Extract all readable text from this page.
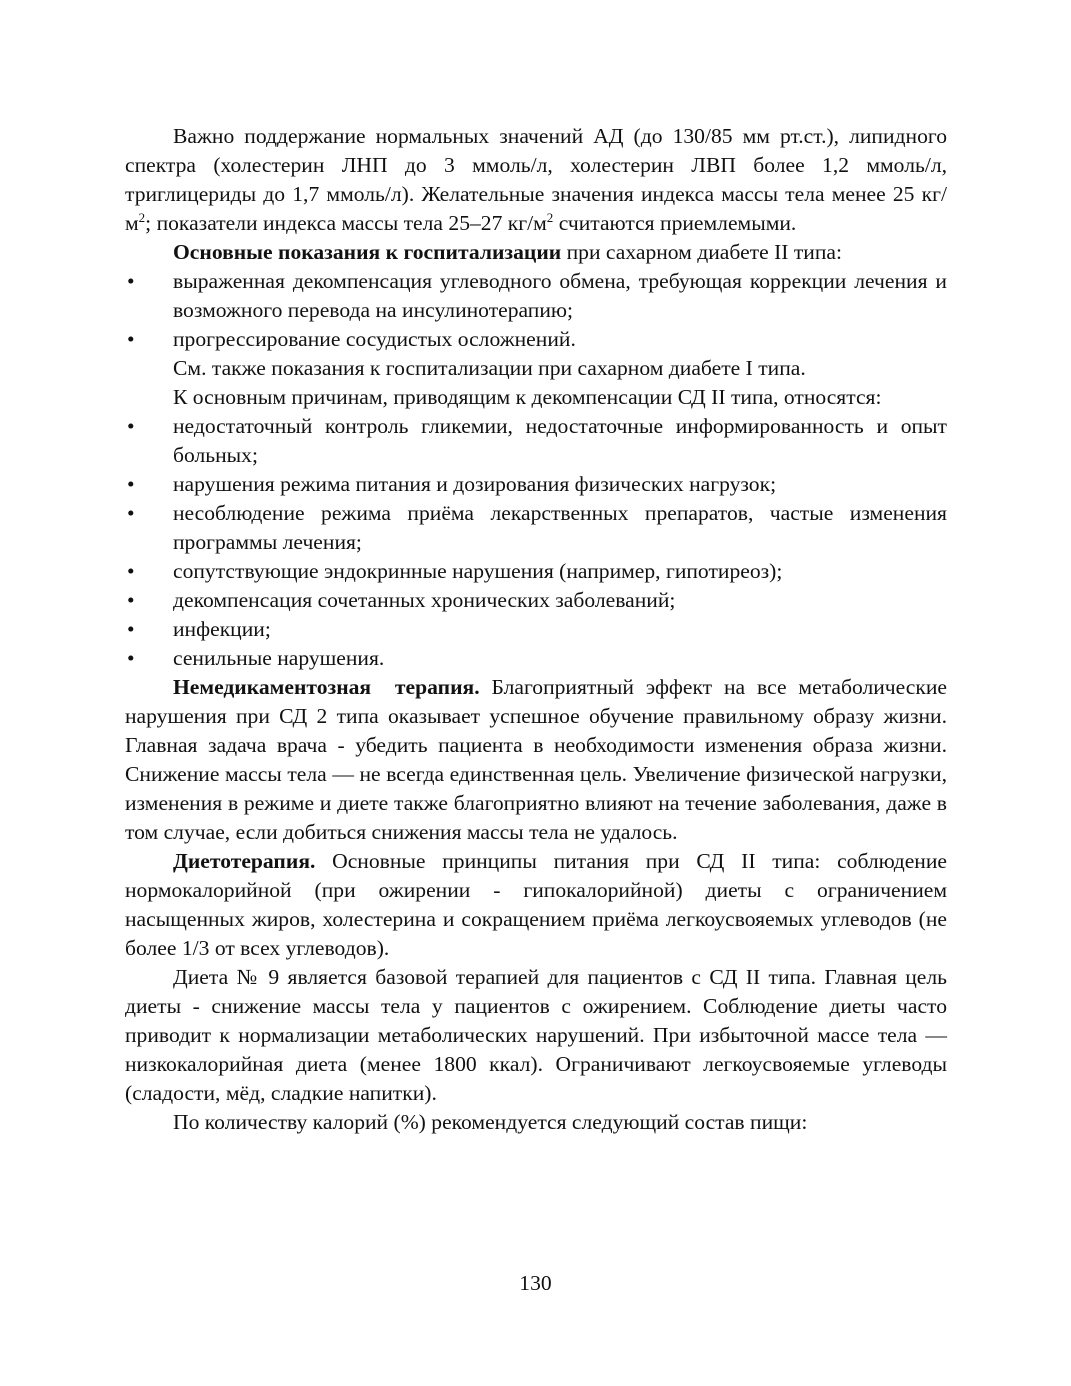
Важно поддержание нормальных значений АД (до 130/85 мм рт.ст.), липидного спектра (холестерин ЛНП до 3 ммоль/л, холестерин ЛВП более 1,2 ммоль/л, триглицериды до 1,7 ммоль/л). Желательные значения индекса массы тела менее 25 $кг/м^2$; показатели индекса массы тела 25–27 $кг/м^2$ считаются приемлемыми.

Основные показания к госпитализации при сахарном диабете II типа:

• выраженная декомпенсация углеводного обмена, требующая коррекции лечения и возможного перевода на инсулинотерапию;
• прогрессирование сосудистых осложнений.

См. также показания к госпитализации при сахарном диабете I типа.

К основным причинам, приводящим к декомпенсации СД II типа, относятся:

• недостаточный контроль гликемии, недостаточные информированность и опыт больных;
• нарушения режима питания и дозирования физических нагрузок;
• несоблюдение режима приёма лекарственных препаратов, частые изменения программы лечения;
• сопутствующие эндокринные нарушения (например, гипотиреоз);
• декомпенсация сочетанных хронических заболеваний;
• инфекции;
• сенильные нарушения.

Немедикаментозная  терапия. Благоприятный эффект на все метаболические нарушения при СД 2 типа оказывает успешное обучение правильному образу жизни. Главная задача врача - убедить пациента в необходимости изменения образа жизни. Снижение массы тела — не всегда единственная цель. Увеличение физической нагрузки, изменения в режиме и диете также благоприятно влияют на течение заболевания, даже в том случае, если добиться снижения массы тела не удалось.

Диетотерапия. Основные принципы питания при СД II типа: соблюдение нормокалорийной (при ожирении - гипокалорийной) диеты с ограничением насыщенных жиров, холестерина и сокращением приёма легкоусвояемых углеводов (не более 1/3 от всех углеводов).

Диета № 9 является базовой терапией для пациентов с СД II типа. Главная цель диеты - снижение массы тела у пациентов с ожирением. Соблюдение диеты часто приводит к нормализации метаболических нарушений. При избыточной массе тела — низкокалорийная диета (менее 1800 ккал). Ограничивают легкоусвояемые углеводы (сладости, мёд, сладкие напитки).

По количеству калорий (%) рекомендуется следующий состав пищи:

130
